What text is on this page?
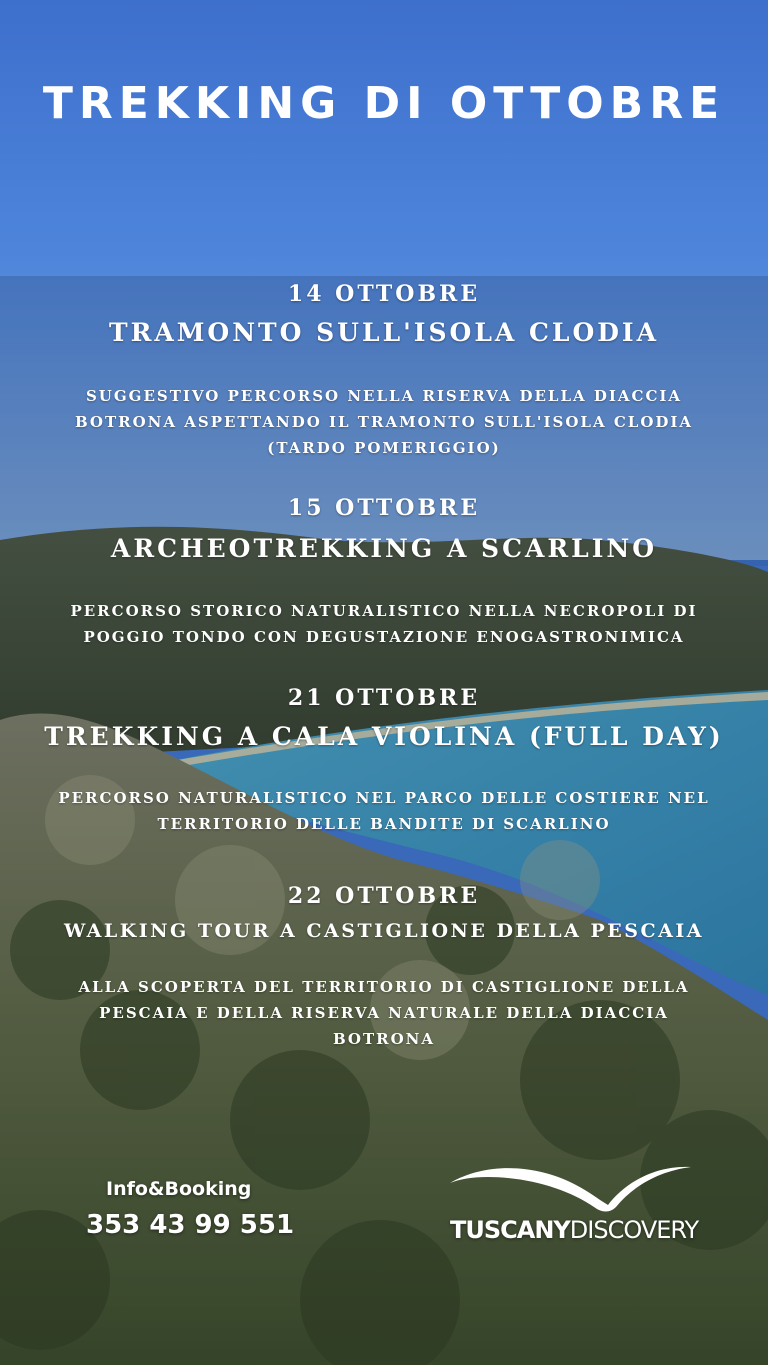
TREKKING DI OTTOBRE
14 OTTOBRE
TRAMONTO SULL'ISOLA CLODIA
SUGGESTIVO PERCORSO NELLA RISERVA DELLA DIACCIA
BOTRONA ASPETTANDO IL TRAMONTO SULL'ISOLA CLODIA
(TARDO POMERIGGIO)
15 OTTOBRE
ARCHEOTREKKING A SCARLINO
PERCORSO STORICO NATURALISTICO NELLA NECROPOLI DI
POGGIO TONDO CON DEGUSTAZIONE ENOGASTRONIMICA
21 OTTOBRE
TREKKING A CALA VIOLINA (FULL DAY)
PERCORSO NATURALISTICO NEL PARCO DELLE COSTIERE NEL
TERRITORIO DELLE BANDITE DI SCARLINO
22 OTTOBRE
WALKING TOUR A CASTIGLIONE DELLA PESCAIA
ALLA SCOPERTA DEL TERRITORIO DI CASTIGLIONE DELLA
PESCAIA E DELLA RISERVA NATURALE DELLA DIACCIA
BOTRONA
Info&Booking
353 43 99 551	TUSCANYDISCOVERY
